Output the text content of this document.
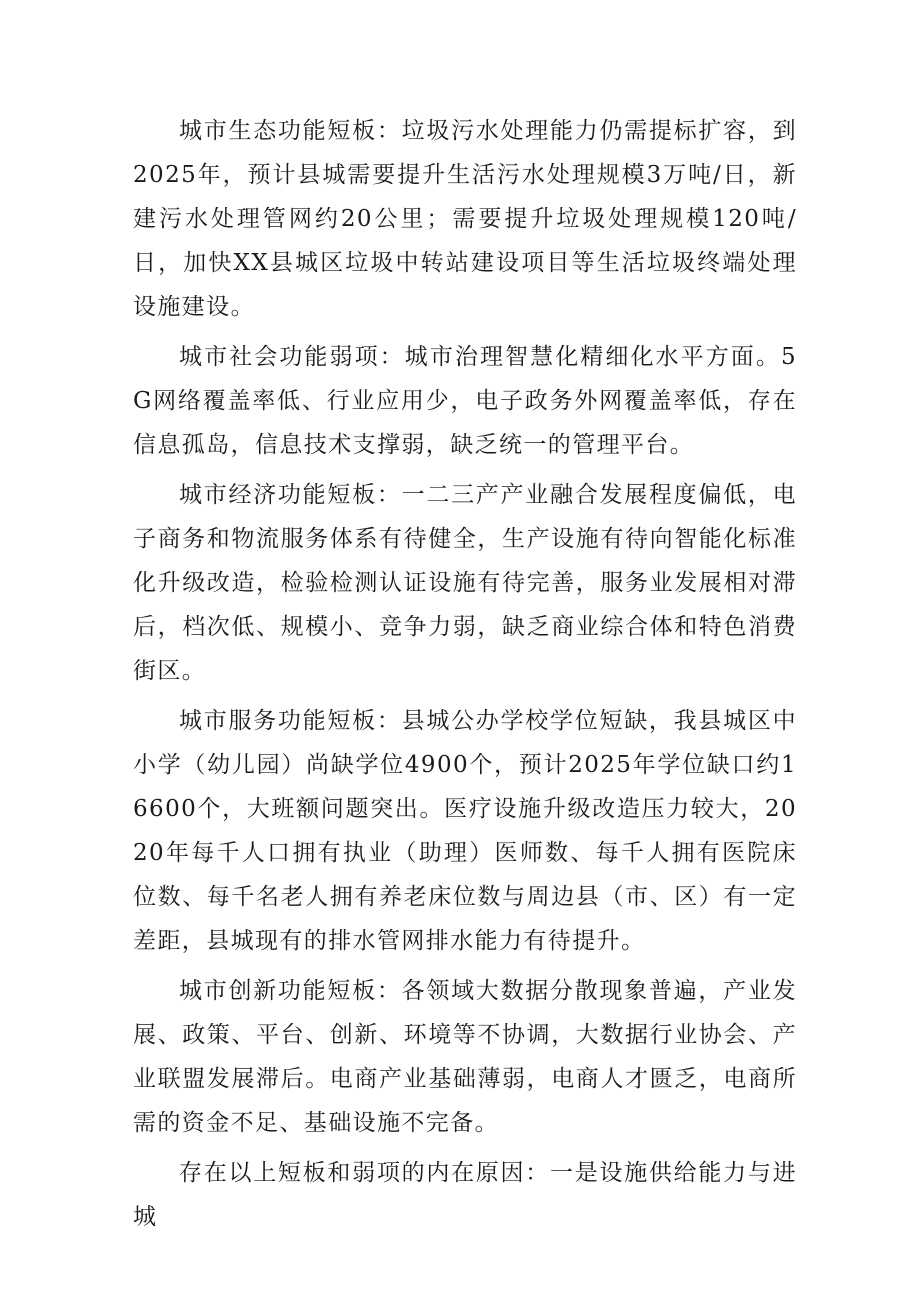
城市生态功能短板：垃圾污水处理能力仍需提标扩容，到2025年，预计县城需要提升生活污水处理规模3万吨/日，新建污水处理管网约20公里；需要提升垃圾处理规模120吨/日，加快XX县城区垃圾中转站建设项目等生活垃圾终端处理设施建设。

城市社会功能弱项：城市治理智慧化精细化水平方面。5G网络覆盖率低、行业应用少，电子政务外网覆盖率低，存在信息孤岛，信息技术支撑弱，缺乏统一的管理平台。

城市经济功能短板：一二三产产业融合发展程度偏低，电子商务和物流服务体系有待健全，生产设施有待向智能化标准化升级改造，检验检测认证设施有待完善，服务业发展相对滞后，档次低、规模小、竞争力弱，缺乏商业综合体和特色消费街区。

城市服务功能短板：县城公办学校学位短缺，我县城区中小学（幼儿园）尚缺学位4900个，预计2025年学位缺口约16600个，大班额问题突出。医疗设施升级改造压力较大，2020年每千人口拥有执业（助理）医师数、每千人拥有医院床位数、每千名老人拥有养老床位数与周边县（市、区）有一定差距，县城现有的排水管网排水能力有待提升。

城市创新功能短板：各领域大数据分散现象普遍，产业发展、政策、平台、创新、环境等不协调，大数据行业协会、产业联盟发展滞后。电商产业基础薄弱，电商人才匮乏，电商所需的资金不足、基础设施不完备。

存在以上短板和弱项的内在原因：一是设施供给能力与进城
